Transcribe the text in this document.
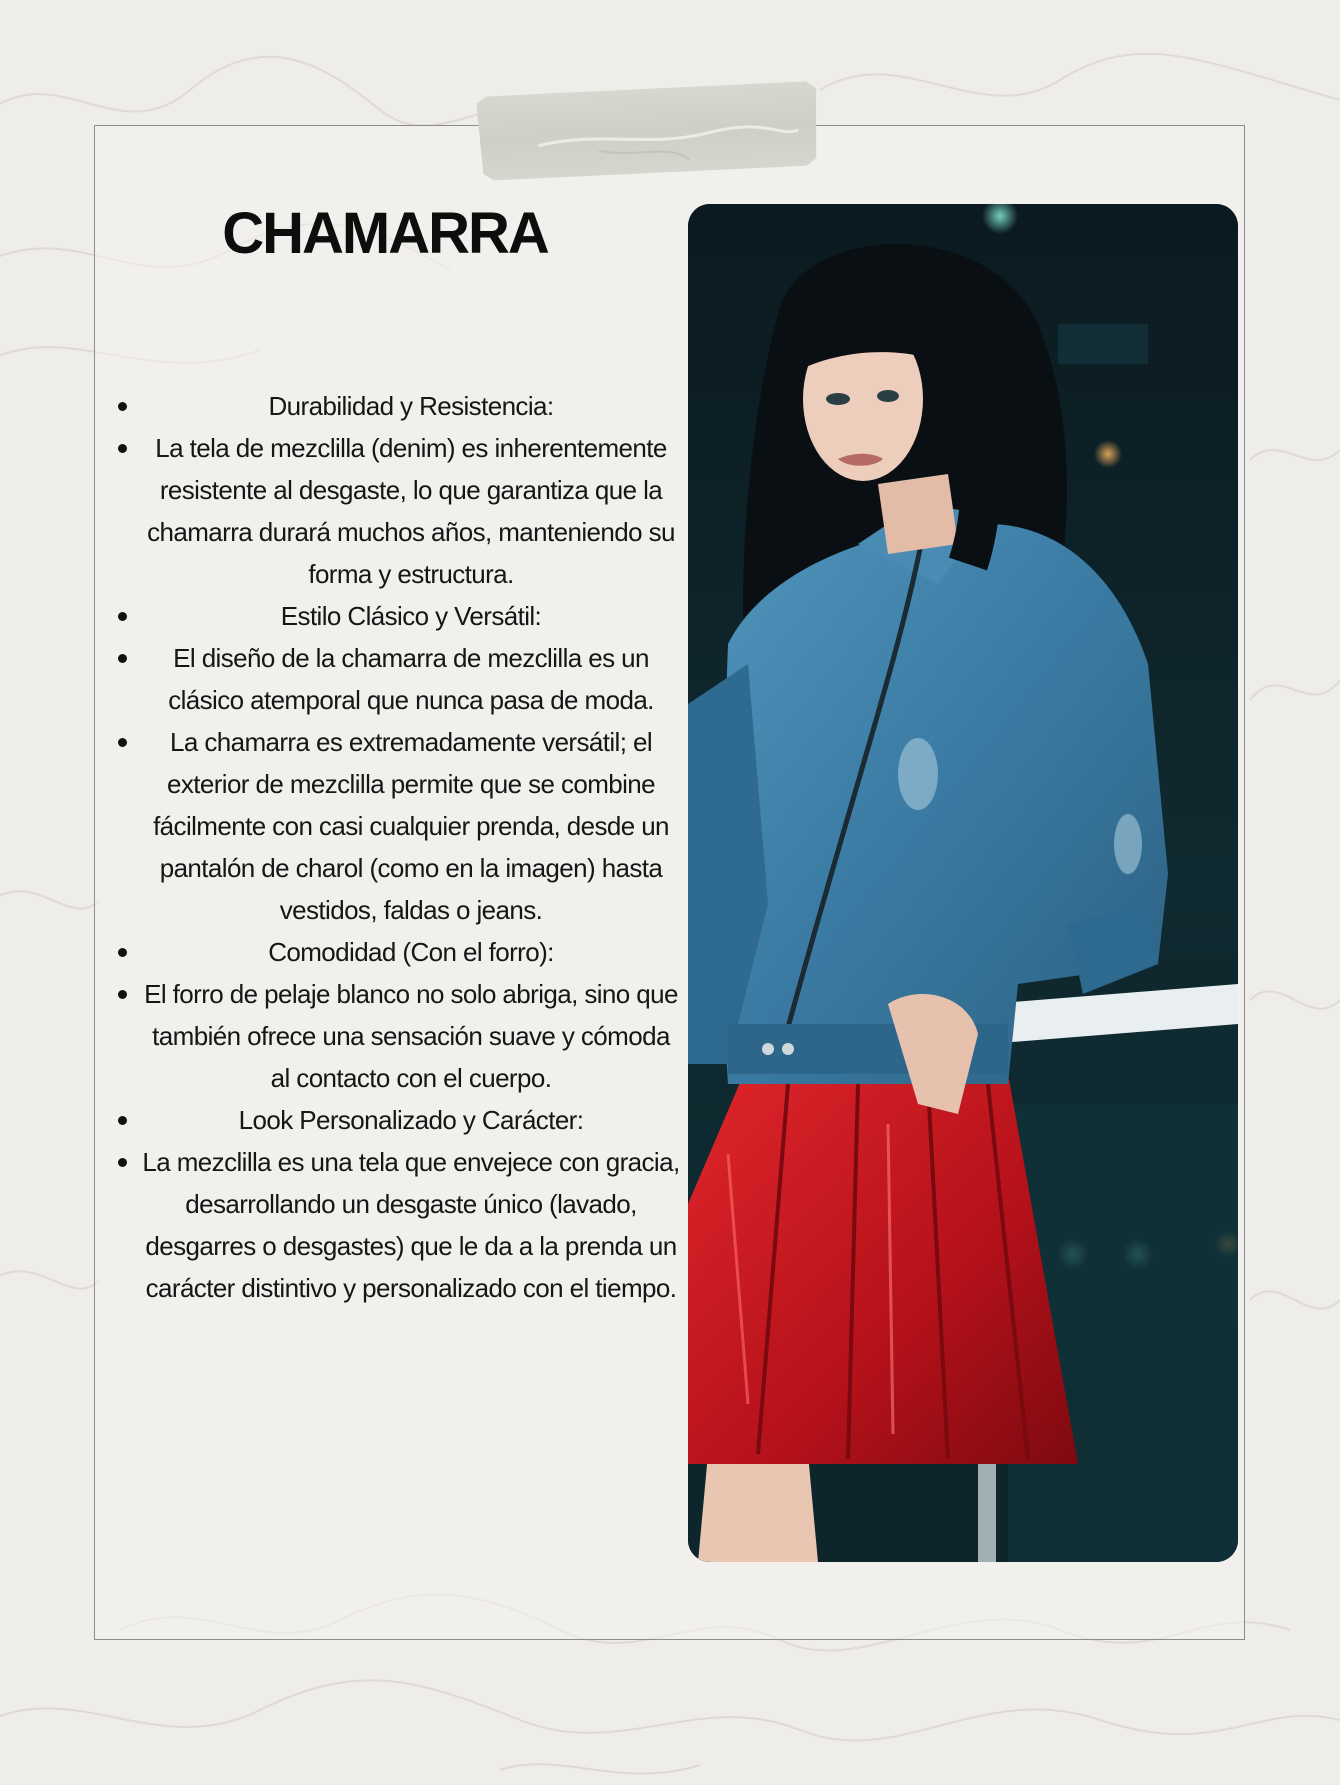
CHAMARRA
Durabilidad y Resistencia:
La tela de mezclilla (denim) es inherentemente resistente al desgaste, lo que garantiza que la chamarra durará muchos años, manteniendo su forma y estructura.
Estilo Clásico y Versátil:
El diseño de la chamarra de mezclilla es un clásico atemporal que nunca pasa de moda.
La chamarra es extremadamente versátil; el exterior de mezclilla permite que se combine fácilmente con casi cualquier prenda, desde un pantalón de charol (como en la imagen) hasta vestidos, faldas o jeans.
Comodidad (Con el forro):
El forro de pelaje blanco no solo abriga, sino que también ofrece una sensación suave y cómoda al contacto con el cuerpo.
Look Personalizado y Carácter:
La mezclilla es una tela que envejece con gracia, desarrollando un desgaste único (lavado, desgarres o desgastes) que le da a la prenda un carácter distintivo y personalizado con el tiempo.
